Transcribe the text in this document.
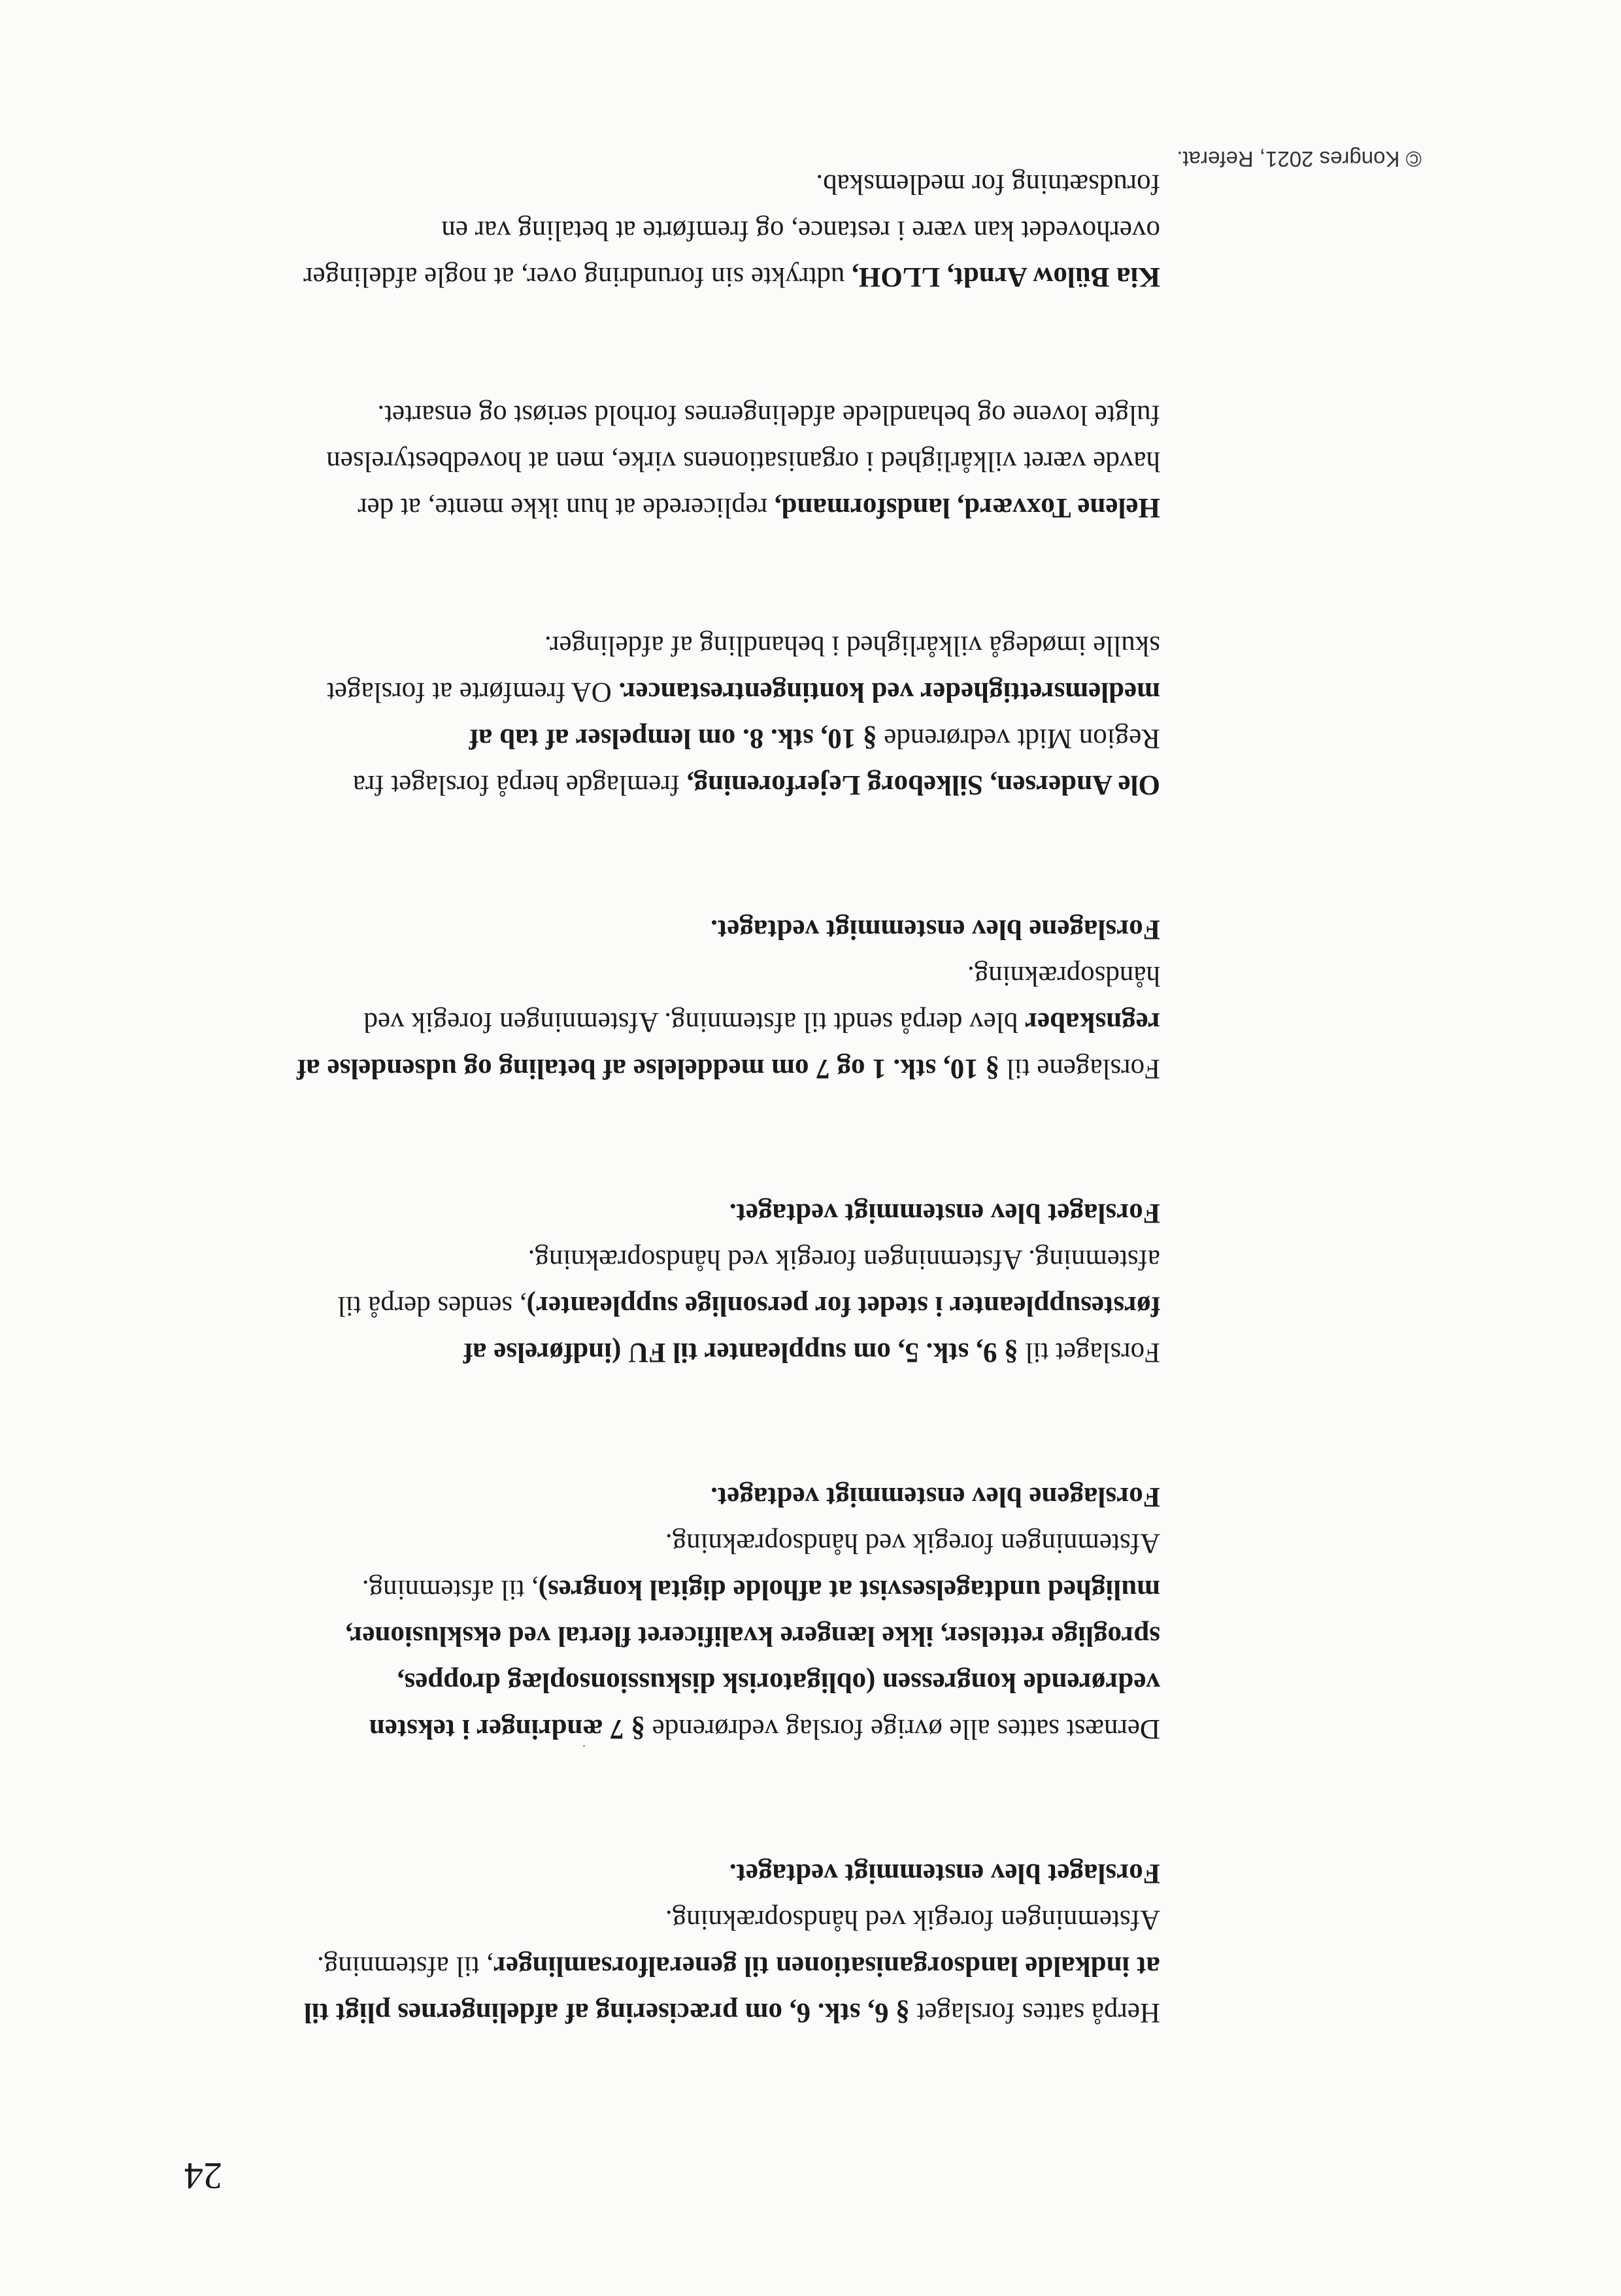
24

Herpå sattes forslaget § 6, stk. 6, om præcisering af afdelingernes pligt til

at indkalde landsorganisationen til generalforsamlinger, til afstemning.

Afstemningen foregik ved håndsoprækning.

Forslaget blev enstemmigt vedtaget.

Dernæst sattes alle øvrige forslag vedrørende § 7 ændringer i teksten

vedrørende kongressen (obligatorisk diskussionsoplæg droppes,

sproglige rettelser, ikke længere kvalificeret flertal ved eksklusioner,

mulighed undtagelsesvist at afholde digital kongres), til afstemning.

Afstemningen foregik ved håndsoprækning.

Forslagene blev enstemmigt vedtaget.

Forslaget til § 9, stk. 5, om suppleanter til FU (indførelse af

førstesuppleanter i stedet for personlige suppleanter), sendes derpå til

afstemning. Afstemningen foregik ved håndsoprækning.

Forslaget blev enstemmigt vedtaget.

Forslagene til § 10, stk. 1 og 7 om meddelelse af betaling og udsendelse af

regnskaber blev derpå sendt til afstemning. Afstemningen foregik ved

håndsoprækning.

Forslagene blev enstemmigt vedtaget.

Ole Andersen, Silkeborg Lejerforening, fremlagde herpå forslaget fra

Region Midt vedrørende § 10, stk. 8. om lempelser af tab af

medlemsrettigheder ved kontingentrestancer. OA fremførte at forslaget

skulle imødegå vilkårlighed i behandling af afdelinger.

Helene Toxværd, landsformand, replicerede at hun ikke mente, at der

havde været vilkårlighed i organisationens virke, men at hovedbestyrelsen

fulgte lovene og behandlede afdelingernes forhold seriøst og ensartet.

Kia Bülow Arndt, LLOH, udtrykte sin forundring over, at nogle afdelinger

overhovedet kan være i restance, og fremførte at betaling var en

forudsætning for medlemskab.

© Kongres 2021, Referat.
